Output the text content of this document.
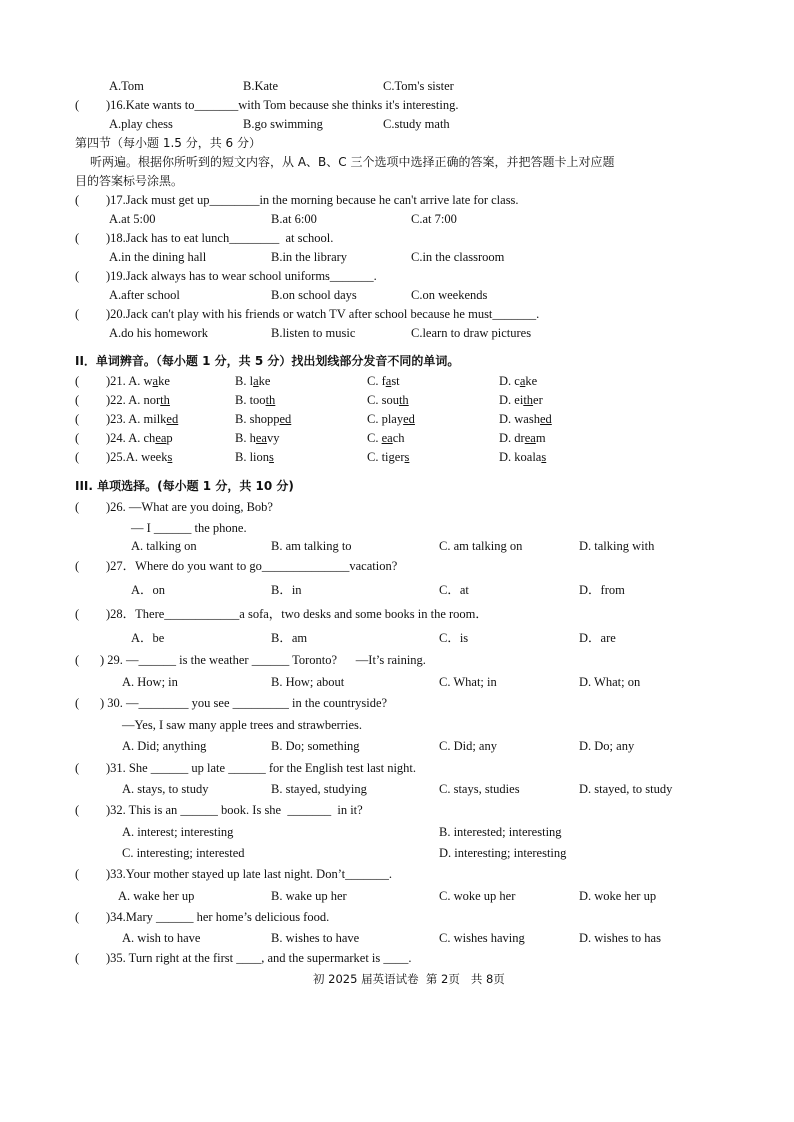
A.Tom	B.Kate	C.Tom's sister
( )16.Kate wants to_______with Tom because she thinks it's interesting.
A.play chess	B.go swimming	C.study math
第四节（每小题 1.5 分，共 6 分）
听两遍。根据你所听到的短文内容，从 A、B、C 三个选项中选择正确的答案，并把答题卡上对应题
目的答案标号涂黑。
( )17.Jack must get up________in the morning because he can't arrive late for class.
A.at 5:00	B.at 6:00	C.at 7:00
( )18.Jack has to eat lunch________  at school.
A.in the dining hall	B.in the library	C.in the classroom
( )19.Jack always has to wear school uniforms_______.
A.after school	B.on school days	C.on weekends
( )20.Jack can't play with his friends or watch TV after school because he must_______.
A.do his homework	B.listen to music	C.learn to draw pictures
II．单词辨音。（每小题 1 分，共 5 分）找出划线部分发音不同的单词。
( )21. A. wake	B. lake	C. fast	D. cake
( )22. A. north	B. tooth	C. south	D. either
( )23. A. milked	B. shopped	C. played	D. washed
( )24. A. cheap	B. heavy	C. each	D. dream
( )25.A. weeks	B. lions	C. tigers	D. koalas
III. 单项选择。(每小题 1 分，共 10 分)
( )26. —What are you doing, Bob?
— I ______ the phone.
A. talking on	B. am talking to	C. am talking on	D. talking with
( )27．Where do you want to go______________vacation?
A．on	B．in	C．at	D．from
( )28．There____________a sofa，two desks and some books in the room．
A．be	B．am	C．is	D．are
( ) 29. —______ is the weather ______ Toronto?      —It’s raining.
A. How; in	B. How; about	C. What; in	D. What; on
( ) 30. —________ you see _________ in the countryside?
—Yes, I saw many apple trees and strawberries.
A. Did; anything	B. Do; something	C. Did; any	D. Do; any
( )31. She ______ up late ______ for the English test last night.
A. stays, to study	B. stayed, studying	C. stays, studies	D. stayed, to study
( )32. This is an ______ book. Is she  _______  in it?
A. interest; interesting	B. interested; interesting
C. interesting; interested	D. interesting; interesting
( )33.Your mother stayed up late last night. Don’t_______.
A. wake her up	B. wake up her	C. woke up her	D. woke her up
( )34.Mary ______ her home’s delicious food.
A. wish to have	B. wishes to have	C. wishes having	D. wishes to has
( )35. Turn right at the first ____, and the supermarket is ____.
初 2025 届英语试卷  第 2页   共 8页
